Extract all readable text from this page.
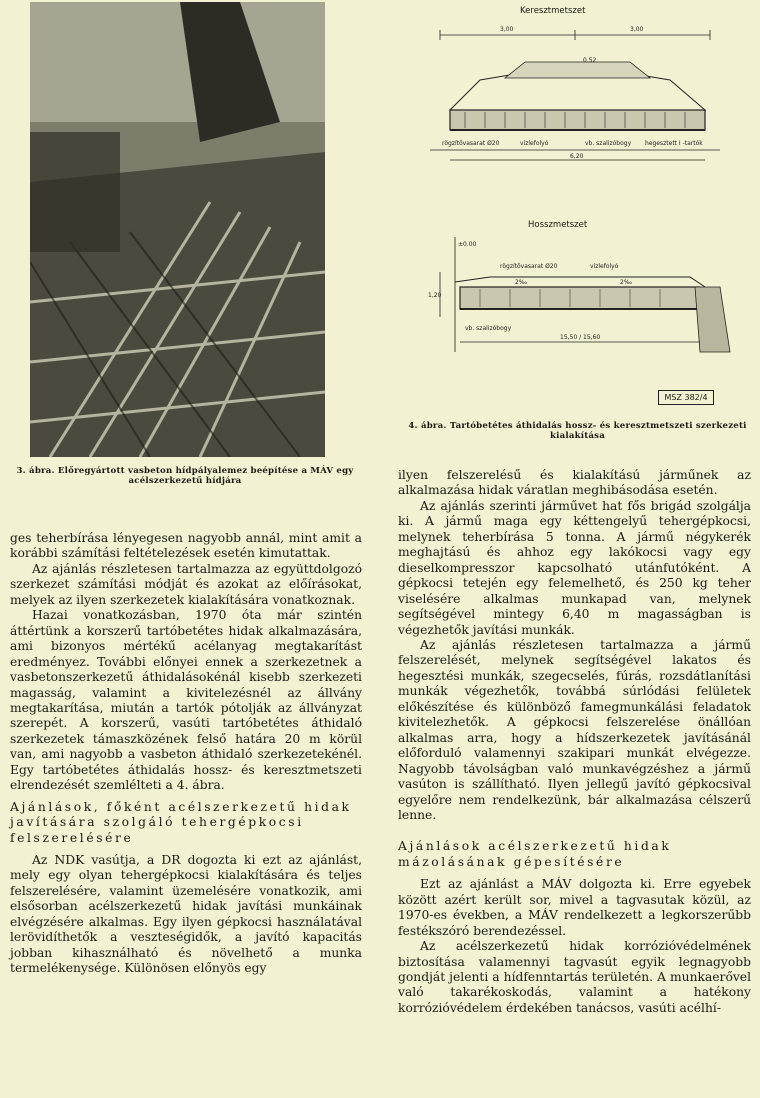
3. ábra. Előregyártott vasbeton hídpályalemez beépítése a MÁV egy acélszerkezetű hídjára
Keresztmetszet
3,00	3,00
0.52
6,20
rögzítővasarat Ø20	vízlefolyó	vb. szalizóbogy hegesztett I -tartók
Hosszmetszet
±0.00
rögzítővasarat Ø20	vízlefolyó
2‰	2‰
vb. szalizóbogy
15,50 / 15,60
1,20
MSZ 382/4
4. ábra. Tartóbetétes áthidalás hossz- és keresztmetszeti szerkezeti kialakítása

ges teherbírása lényegesen nagyobb annál, mint amit a korábbi számítási feltételezések esetén kimutattak.

Az ajánlás részletesen tartalmazza az együttdolgozó szerkezet számítási módját és azokat az előírásokat, melyek az ilyen szerkezetek kialakítására vonatkoznak.

Hazai vonatkozásban, 1970 óta már szintén áttértünk a korszerű tartóbetétes hidak alkalmazására, ami bizonyos mértékű acélanyag megtakarítást eredményez. További előnyei ennek a szerkezetnek a vasbetonszerkezetű áthidalásokénál kisebb szerkezeti magasság, valamint a kivitelezésnél az állvány megtakarítása, miután a tartók pótolják az állványzat szerepét. A korszerű, vasúti tartóbetétes áthidaló szerkezetek támaszközének felső határa 20 m körül van, ami nagyobb a vasbeton áthidaló szerkezetekénél. Egy tartóbetétes áthidalás hossz- és keresztmetszeti elrendezését szemlélteti a 4. ábra.

Ajánlások, főként acélszerkezetű hidak javítására szolgáló tehergépkocsi felszerelésére

Az NDK vasútja, a DR dogozta ki ezt az ajánlást, mely egy olyan tehergépkocsi kialakítására és teljes felszerelésére, valamint üzemelésére vonatkozik, ami elsősorban acélszerkezetű hidak javítási munkáinak elvégzésére alkalmas. Egy ilyen gépkocsi használatával lerövidíthetők a veszteségidők, a javító kapacitás jobban kihasználható és növelhető a munka termelékenysége. Különösen előnyös egy

ilyen felszerelésű és kialakítású járműnek az alkalmazása hidak váratlan meghibásodása esetén.

Az ajánlás szerinti járművet hat fős brigád szolgálja ki. A jármű maga egy kéttengelyű tehergépkocsi, melynek teherbírása 5 tonna. A jármű négykerék meghajtású és ahhoz egy lakókocsi vagy egy dieselkompresszor kapcsolható utánfutóként. A gépkocsi tetején egy felemelhető, és 250 kg teher viselésére alkalmas munkapad van, melynek segítségével mintegy 6,40 m magasságban is végezhetők javítási munkák.

Az ajánlás részletesen tartalmazza a jármű felszerelését, melynek segítségével lakatos és hegesztési munkák, szegecselés, fúrás, rozsdátlanítási munkák végezhetők, továbbá súrlódási felületek előkészítése és különböző famegmunkálási feladatok kivitelezhetők. A gépkocsi felszerelése önállóan alkalmas arra, hogy a hídszerkezetek javításánál előforduló valamennyi szakipari munkát elvégezze. Nagyobb távolságban való munkavégzéshez a jármű vasúton is szállítható. Ilyen jellegű javító gépkocsival egyelőre nem rendelkezünk, bár alkalmazása célszerű lenne.

Ajánlások acélszerkezetű hidak mázolásának gépesítésére

Ezt az ajánlást a MÁV dolgozta ki. Erre egyebek között azért került sor, mivel a tagvasutak közül, az 1970-es években, a MÁV rendelkezett a legkorszerűbb festékszóró berendezéssel.

Az acélszerkezetű hidak korrózióvédelmének biztosítása valamennyi tagvasút egyik legnagyobb gondját jelenti a hídfenntartás területén. A munkaerővel való takarékoskodás, valamint a hatékony korrózióvédelem érdekében tanácsos, vasúti acélhí-
